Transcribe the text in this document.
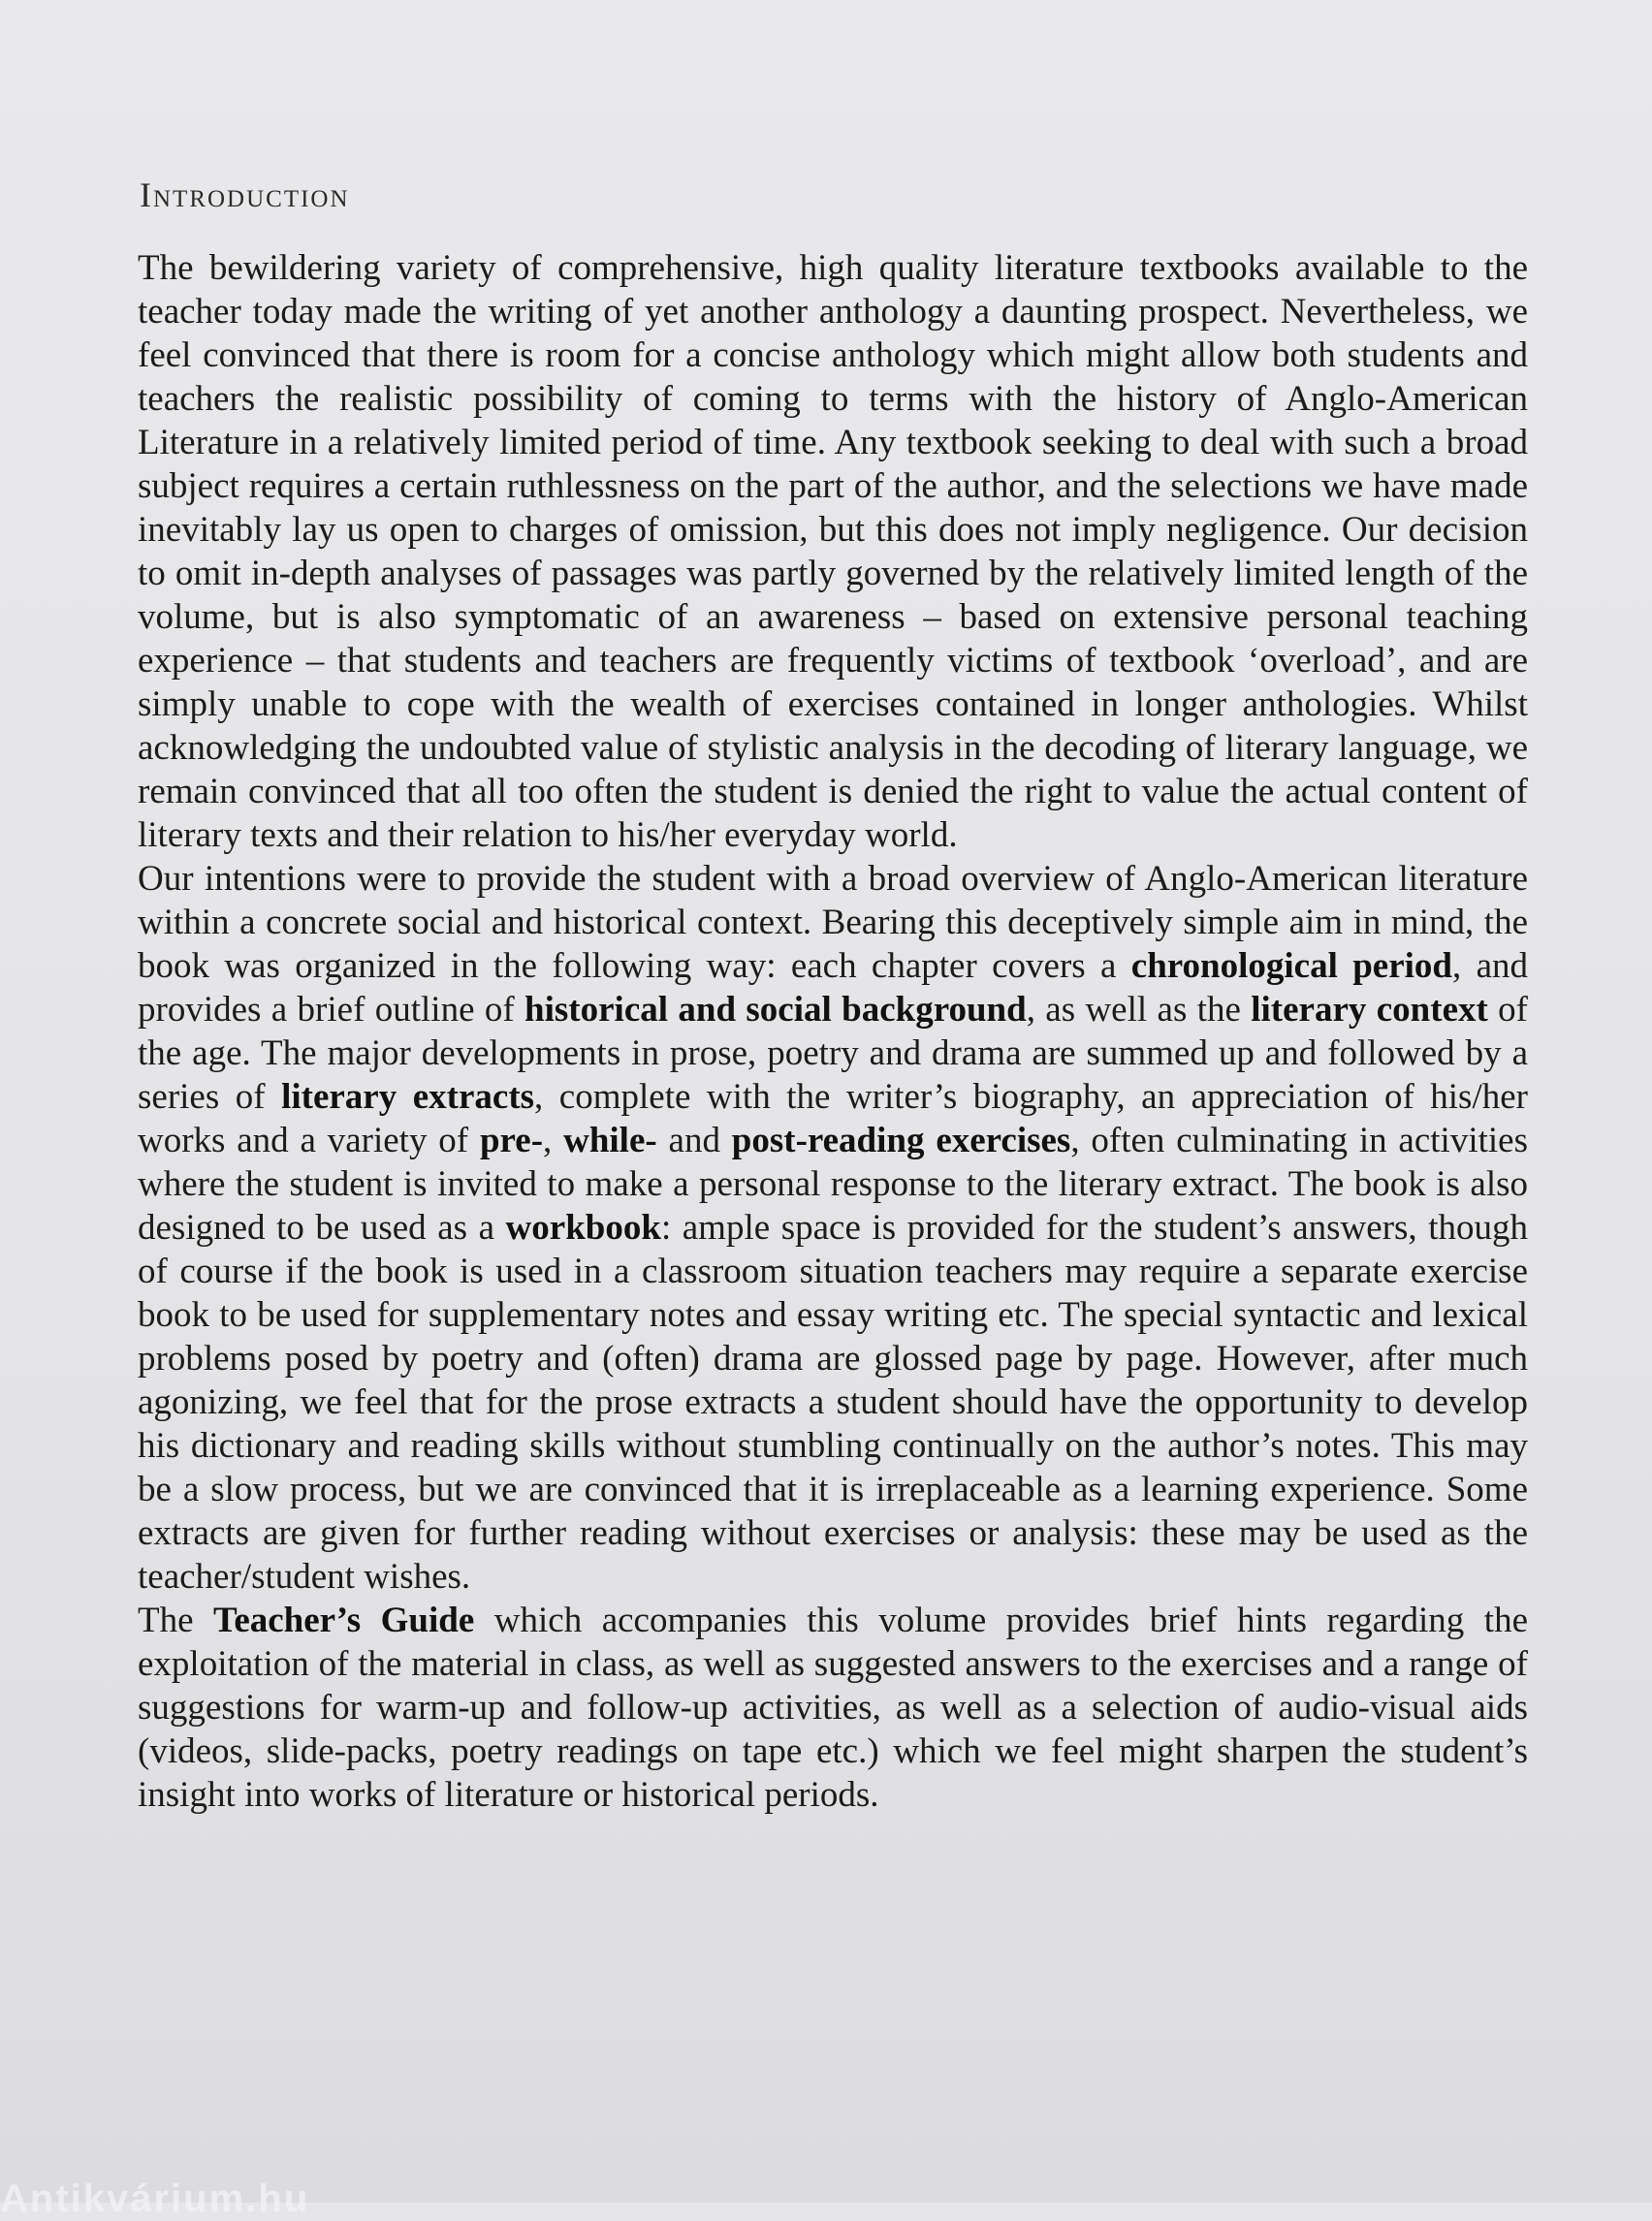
Introduction

The bewildering variety of comprehensive, high quality literature textbooks available to the teacher today made the writing of yet another anthology a daunting prospect. Nevertheless, we feel convinced that there is room for a concise anthology which might allow both students and teachers the realistic possibility of coming to terms with the history of Anglo-American Literature in a relatively limited period of time. Any textbook seeking to deal with such a broad subject requires a certain ruthlessness on the part of the author, and the selections we have made inevitably lay us open to charges of omission, but this does not imply negligence. Our decision to omit in-depth analyses of passages was partly governed by the relatively limited length of the volume, but is also symptomatic of an awareness – based on extensive personal teaching experience – that students and teachers are frequently victims of textbook ‘overload’, and are simply unable to cope with the wealth of exercises contained in longer anthologies. Whilst acknowledging the undoubted value of stylistic analysis in the decoding of literary language, we remain convinced that all too often the student is denied the right to value the actual content of literary texts and their relation to his/her everyday world.

Our intentions were to provide the student with a broad overview of Anglo-American literature within a concrete social and historical context. Bearing this deceptively simple aim in mind, the book was organized in the following way: each chapter covers a chronological period, and provides a brief outline of historical and social background, as well as the literary context of the age. The major developments in prose, poetry and drama are summed up and followed by a series of literary extracts, complete with the writer’s biography, an appreciation of his/her works and a variety of pre-, while- and post-reading exercises, often culminating in activities where the student is invited to make a personal response to the literary extract. The book is also designed to be used as a workbook: ample space is provided for the student’s answers, though of course if the book is used in a classroom situation teachers may require a separate exercise book to be used for supplementary notes and essay writing etc. The special syntactic and lexical problems posed by poetry and (often) drama are glossed page by page. However, after much agonizing, we feel that for the prose extracts a student should have the opportunity to develop his dictionary and reading skills without stumbling continually on the author’s notes. This may be a slow process, but we are convinced that it is irreplaceable as a learning experience. Some extracts are given for further reading without exercises or analysis: these may be used as the teacher/student wishes.

The Teacher’s Guide which accompanies this volume provides brief hints regarding the exploitation of the material in class, as well as suggested answers to the exercises and a range of suggestions for warm-up and follow-up activities, as well as a selection of audio-visual aids (videos, slide-packs, poetry readings on tape etc.) which we feel might sharpen the student’s insight into works of literature or historical periods.

Antikvárium.hu
